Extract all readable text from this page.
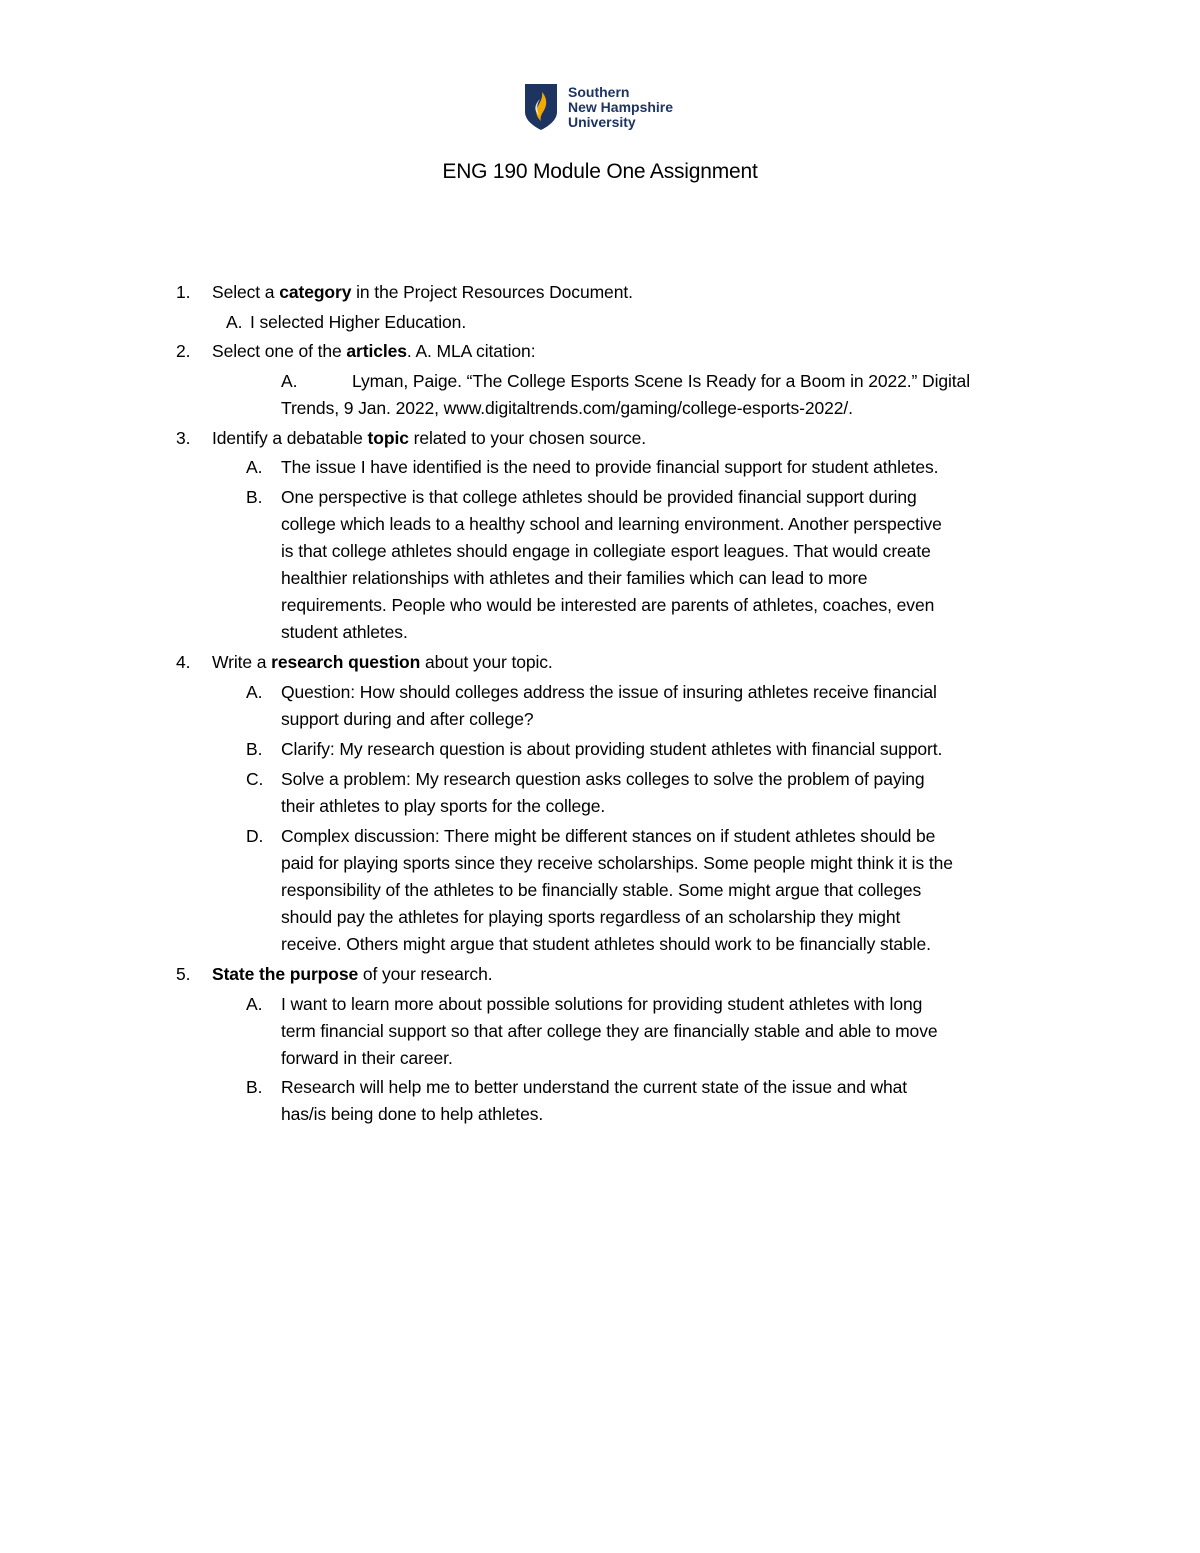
Southern
New Hampshire
University
ENG 190 Module One Assignment
1. Select a category in the Project Resources Document.
A. I selected Higher Education.
2. Select one of the articles. A. MLA citation:
A.	Lyman, Paige. “The College Esports Scene Is Ready for a Boom in 2022.” Digital
Trends, 9 Jan. 2022, www.digitaltrends.com/gaming/college-esports-2022/.
3. Identify a debatable topic related to your chosen source.
A. The issue I have identified is the need to provide financial support for student athletes.
B. One perspective is that college athletes should be provided financial support during
college which leads to a healthy school and learning environment. Another perspective
is that college athletes should engage in collegiate esport leagues. That would create
healthier relationships with athletes and their families which can lead to more
requirements. People who would be interested are parents of athletes, coaches, even
student athletes.
4. Write a research question about your topic.
A. Question: How should colleges address the issue of insuring athletes receive financial
support during and after college?
B. Clarify: My research question is about providing student athletes with financial support.
C. Solve a problem: My research question asks colleges to solve the problem of paying
their athletes to play sports for the college.
D. Complex discussion: There might be different stances on if student athletes should be
paid for playing sports since they receive scholarships. Some people might think it is the
responsibility of the athletes to be financially stable. Some might argue that colleges
should pay the athletes for playing sports regardless of an scholarship they might
receive. Others might argue that student athletes should work to be financially stable.
5. State the purpose of your research.
A. I want to learn more about possible solutions for providing student athletes with long
term financial support so that after college they are financially stable and able to move
forward in their career.
B. Research will help me to better understand the current state of the issue and what
has/is being done to help athletes.
